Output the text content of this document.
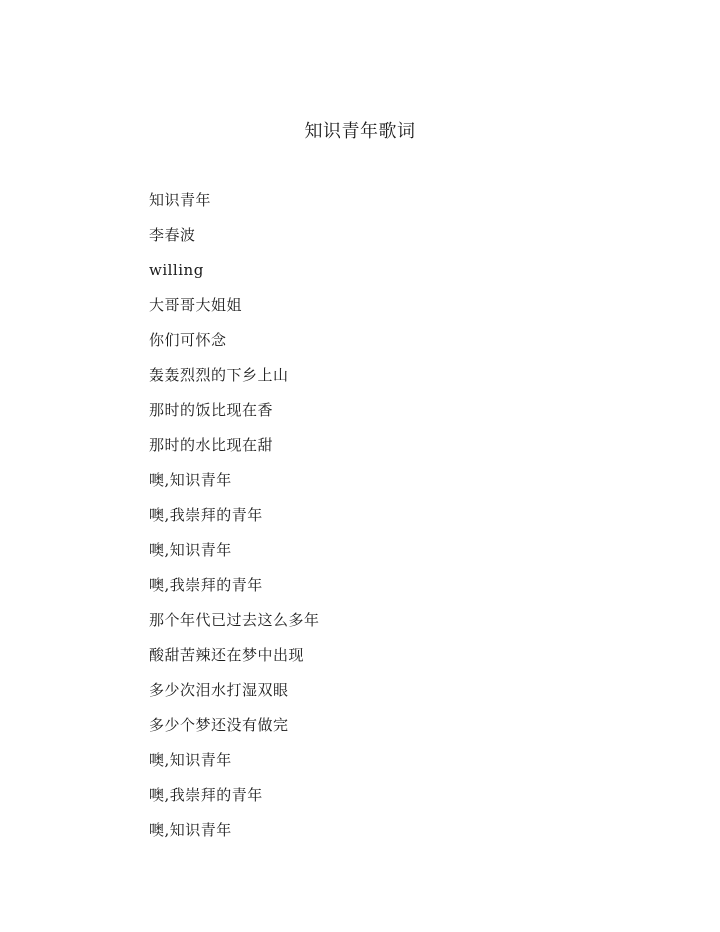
知识青年歌词
知识青年
李春波
willing
大哥哥大姐姐
你们可怀念
轰轰烈烈的下乡上山
那时的饭比现在香
那时的水比现在甜
噢,知识青年
噢,我崇拜的青年
噢,知识青年
噢,我崇拜的青年
那个年代已过去这么多年
酸甜苦辣还在梦中出现
多少次泪水打湿双眼
多少个梦还没有做完
噢,知识青年
噢,我崇拜的青年
噢,知识青年
